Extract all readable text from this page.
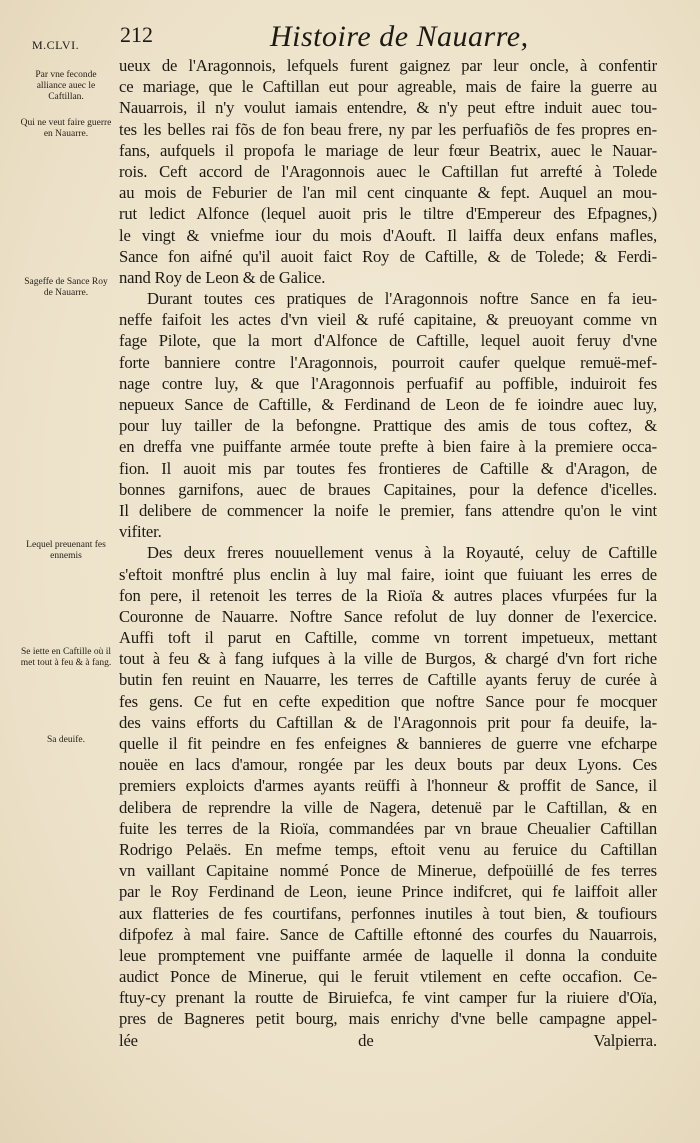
M.CLVI. 212	Histoire de Nauarre,
Par vne feconde alliance auec le Caftillan.
Qui ne veut faire guerre en Nauarre.
Sageffe de Sance Roy de Nauarre.
Lequel preuenant fes ennemis
Se iette en Caftille où il met tout à feu & à fang.
Sa deuife.
ueux de l'Aragonnois, lefquels furent gaignez par leur oncle, à confentir
ce mariage, que le Caftillan eut pour agreable, mais de faire la guerre au
Nauarrois, il n'y voulut iamais entendre, & n'y peut eftre induit auec tou-
tes les belles rai fõs de fon beau frere, ny par les perfuafiõs de fes propres en-
fans, aufquels il propofa le mariage de leur fœur Beatrix, auec le Nauar-
rois. Ceft accord de l'Aragonnois auec le Caftillan fut arrefté à Tolede
au mois de Feburier de l'an mil cent cinquante & fept. Auquel an mou-
rut ledict Alfonce (lequel auoit pris le tiltre d'Empereur des Efpagnes,)
le vingt & vniefme iour du mois d'Aouft. Il laiffa deux enfans mafles,
Sance fon aifné qu'il auoit faict Roy de Caftille, & de Tolede; & Ferdi-
nand Roy de Leon & de Galice.
Durant toutes ces pratiques de l'Aragonnois noftre Sance en fa ieu-
neffe faifoit les actes d'vn vieil & rufé capitaine, & preuoyant comme vn
fage Pilote, que la mort d'Alfonce de Caftille, lequel auoit feruy d'vne
forte banniere contre l'Aragonnois, pourroit caufer quelque remuë-mef-
nage contre luy, & que l'Aragonnois perfuafif au poffible, induiroit fes
nepueux Sance de Caftille, & Ferdinand de Leon de fe ioindre auec luy,
pour luy tailler de la befongne. Prattique des amis de tous coftez, &
en dreffa vne puiffante armée toute prefte à bien faire à la premiere occa-
fion. Il auoit mis par toutes fes frontieres de Caftille & d'Aragon, de
bonnes garnifons, auec de braues Capitaines, pour la defence d'icelles.
Il delibere de commencer la noife le premier, fans attendre qu'on le vint
vifiter.
Des deux freres nouuellement venus à la Royauté, celuy de Caftille
s'eftoit monftré plus enclin à luy mal faire, ioint que fuiuant les erres de
fon pere, il retenoit les terres de la Rioïa & autres places vfurpées fur la
Couronne de Nauarre. Noftre Sance refolut de luy donner de l'exercice.
Auffi toft il parut en Caftille, comme vn torrent impetueux, mettant
tout à feu & à fang iufques à la ville de Burgos, & chargé d'vn fort riche
butin fen reuint en Nauarre, les terres de Caftille ayants feruy de curée à
fes gens. Ce fut en cefte expedition que noftre Sance pour fe mocquer
des vains efforts du Caftillan & de l'Aragonnois prit pour fa deuife, la-
quelle il fit peindre en fes enfeignes & bannieres de guerre vne efcharpe
nouëe en lacs d'amour, rongée par les deux bouts par deux Lyons. Ces
premiers exploicts d'armes ayants reüffi à l'honneur & proffit de Sance, il
delibera de reprendre la ville de Nagera, detenuë par le Caftillan, & en
fuite les terres de la Rioïa, commandées par vn braue Cheualier Caftillan
Rodrigo Pelaës. En mefme temps, eftoit venu au feruice du Caftillan
vn vaillant Capitaine nommé Ponce de Minerue, defpoüillé de fes terres
par le Roy Ferdinand de Leon, ieune Prince indifcret, qui fe laiffoit aller
aux flatteries de fes courtifans, perfonnes inutiles à tout bien, & toufiours
difpofez à mal faire. Sance de Caftille eftonné des courfes du Nauarrois,
leue promptement vne puiffante armée de laquelle il donna la conduite
audict Ponce de Minerue, qui le feruit vtilement en cefte occafion. Ce-
ftuy-cy prenant la routte de Biruiefca, fe vint camper fur la riuiere d'Oïa,
pres de Bagneres petit bourg, mais enrichy d'vne belle campagne appel-
lée de Valpierra.
